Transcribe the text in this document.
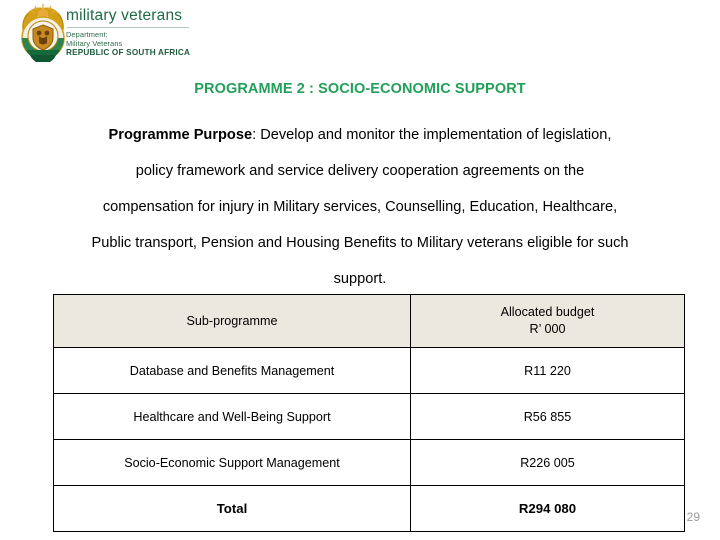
military veterans
Department:
Military Veterans
REPUBLIC OF SOUTH AFRICA
PROGRAMME 2 : SOCIO-ECONOMIC SUPPORT
Programme Purpose: Develop and monitor the implementation of legislation,
policy framework and service delivery cooperation agreements on the
compensation for injury in Military services, Counselling, Education, Healthcare,
Public transport, Pension and Housing Benefits to Military veterans eligible for such
support.
29
Sub-programme	Allocated budget
R’ 000

Database and Benefits Management	R11 220
Healthcare and Well-Being Support	R56 855
Socio-Economic Support Management	R226 005
Total	R294 080
